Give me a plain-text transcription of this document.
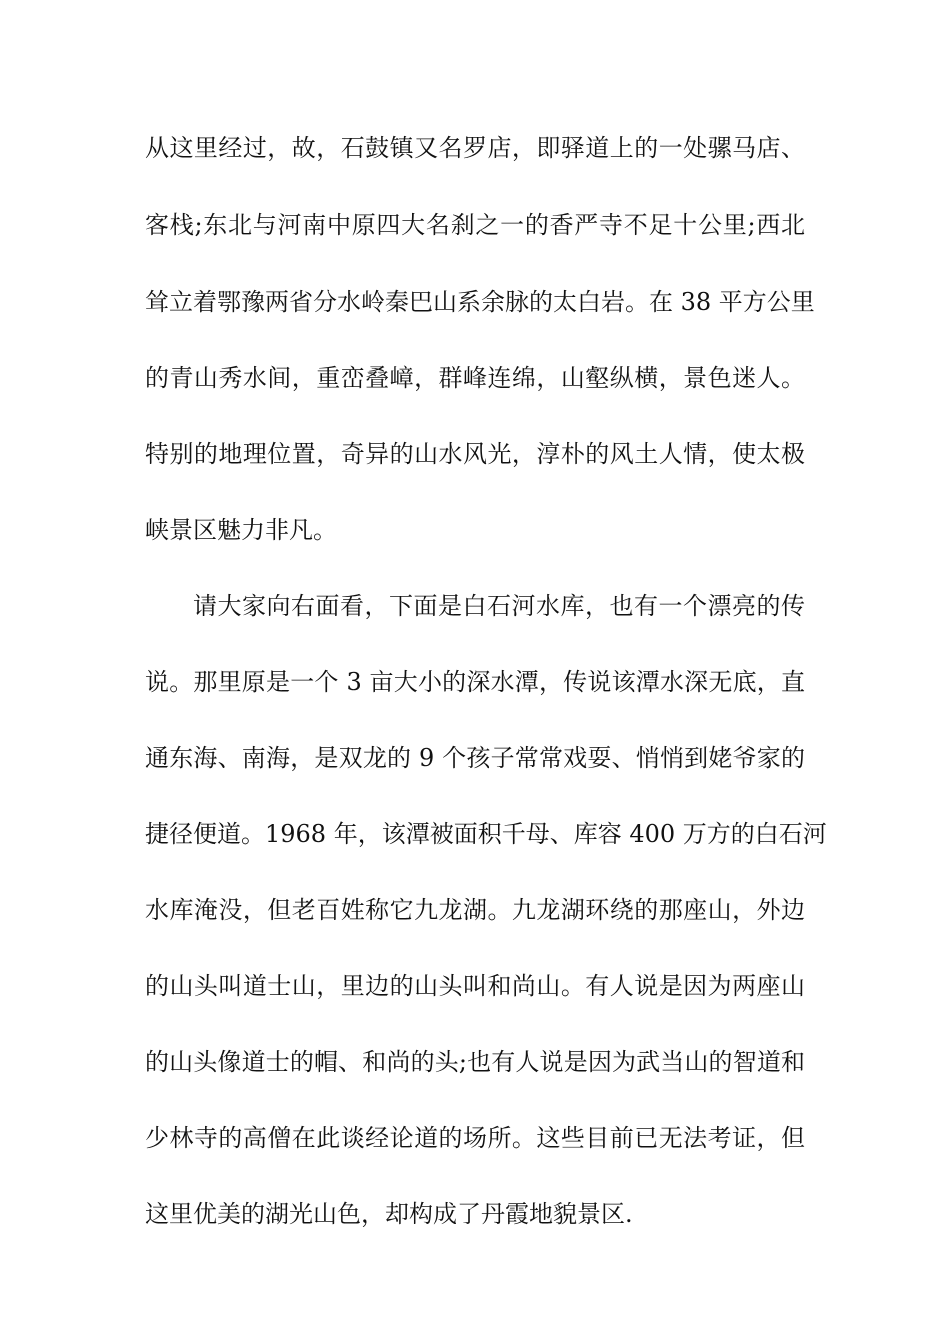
从这里经过，故，石鼓镇又名罗店，即驿道上的一处骡马店、
客栈;东北与河南中原四大名刹之一的香严寺不足十公里;西北
耸立着鄂豫两省分水岭秦巴山系余脉的太白岩。在 38 平方公里
的青山秀水间，重峦叠嶂，群峰连绵，山壑纵横，景色迷人。
特别的地理位置，奇异的山水风光，淳朴的风土人情，使太极
峡景区魅力非凡。
请大家向右面看，下面是白石河水库，也有一个漂亮的传
说。那里原是一个 3 亩大小的深水潭，传说该潭水深无底，直
通东海、南海，是双龙的 9 个孩子常常戏耍、悄悄到姥爷家的
捷径便道。1968 年，该潭被面积千母、库容 400 万方的白石河
水库淹没，但老百姓称它九龙湖。九龙湖环绕的那座山，外边
的山头叫道士山，里边的山头叫和尚山。有人说是因为两座山
的山头像道士的帽、和尚的头;也有人说是因为武当山的智道和
少林寺的高僧在此谈经论道的场所。这些目前已无法考证，但
这里优美的湖光山色，却构成了丹霞地貌景区.
